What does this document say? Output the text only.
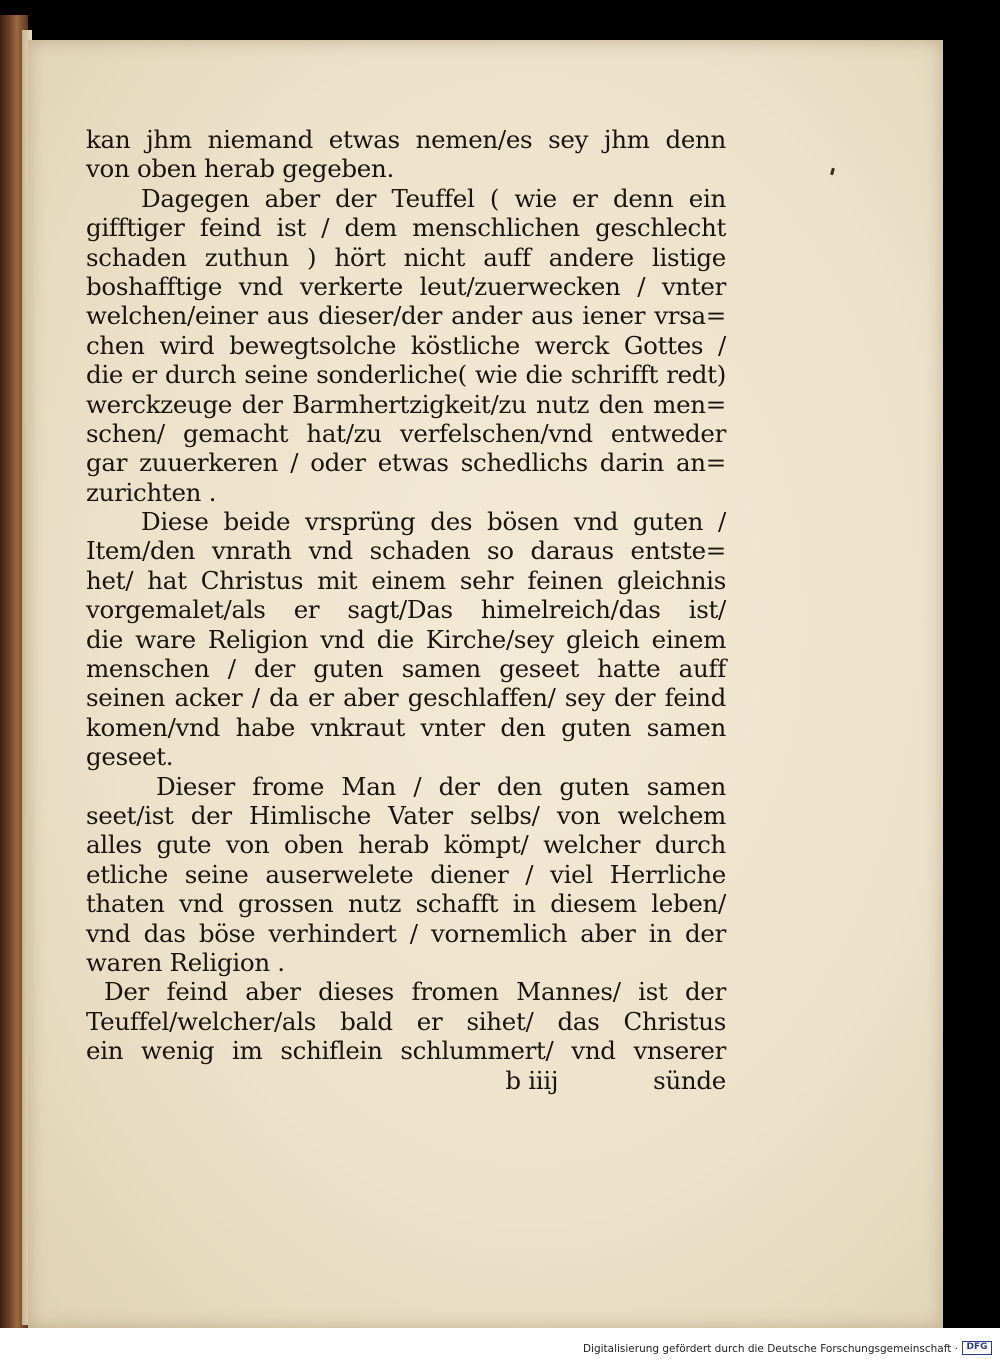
kan jhm niemand etwas nemen/es sey jhm denn
von oben herab gegeben.
Dagegen aber der Teuffel ( wie er denn ein
gifftiger feind ist / dem menschlichen geschlecht
schaden zuthun ) hört nicht auff andere listige
boshafftige vnd verkerte leut/zuerwecken / vnter
welchen/einer aus dieser/der ander aus iener vrsa=
chen wird bewegtsolche köstliche werck Gottes /
die er durch seine sonderliche( wie die schrifft redt)
werckzeuge der Barmhertzigkeit/zu nutz den men=
schen/ gemacht hat/zu verfelschen/vnd entweder
gar zuuerkeren / oder etwas schedlichs darin an=
zurichten .
Diese beide vrsprüng des bösen vnd guten /
Item/den vnrath vnd schaden so daraus entste=
het/ hat Christus mit einem sehr feinen gleichnis
vorgemalet/als er sagt/Das himelreich/das ist/
die ware Religion vnd die Kirche/sey gleich einem
menschen / der guten samen geseet hatte auff
seinen acker / da er aber geschlaffen/ sey der feind
komen/vnd habe vnkraut vnter den guten samen
geseet.
Dieser frome Man / der den guten samen
seet/ist der Himlische Vater selbs/ von welchem
alles gute von oben herab kömpt/ welcher durch
etliche seine auserwelete diener / viel Herrliche
thaten vnd grossen nutz schafft in diesem leben/
vnd das böse verhindert / vornemlich aber in der
waren Religion .
Der feind aber dieses fromen Mannes/ ist der
Teuffel/welcher/als bald er sihet/ das Christus
ein wenig im schiflein schlummert/ vnd vnserer
b iiij	sünde
Digitalisierung gefördert durch die Deutsche Forschungsgemeinschaft · DFG
